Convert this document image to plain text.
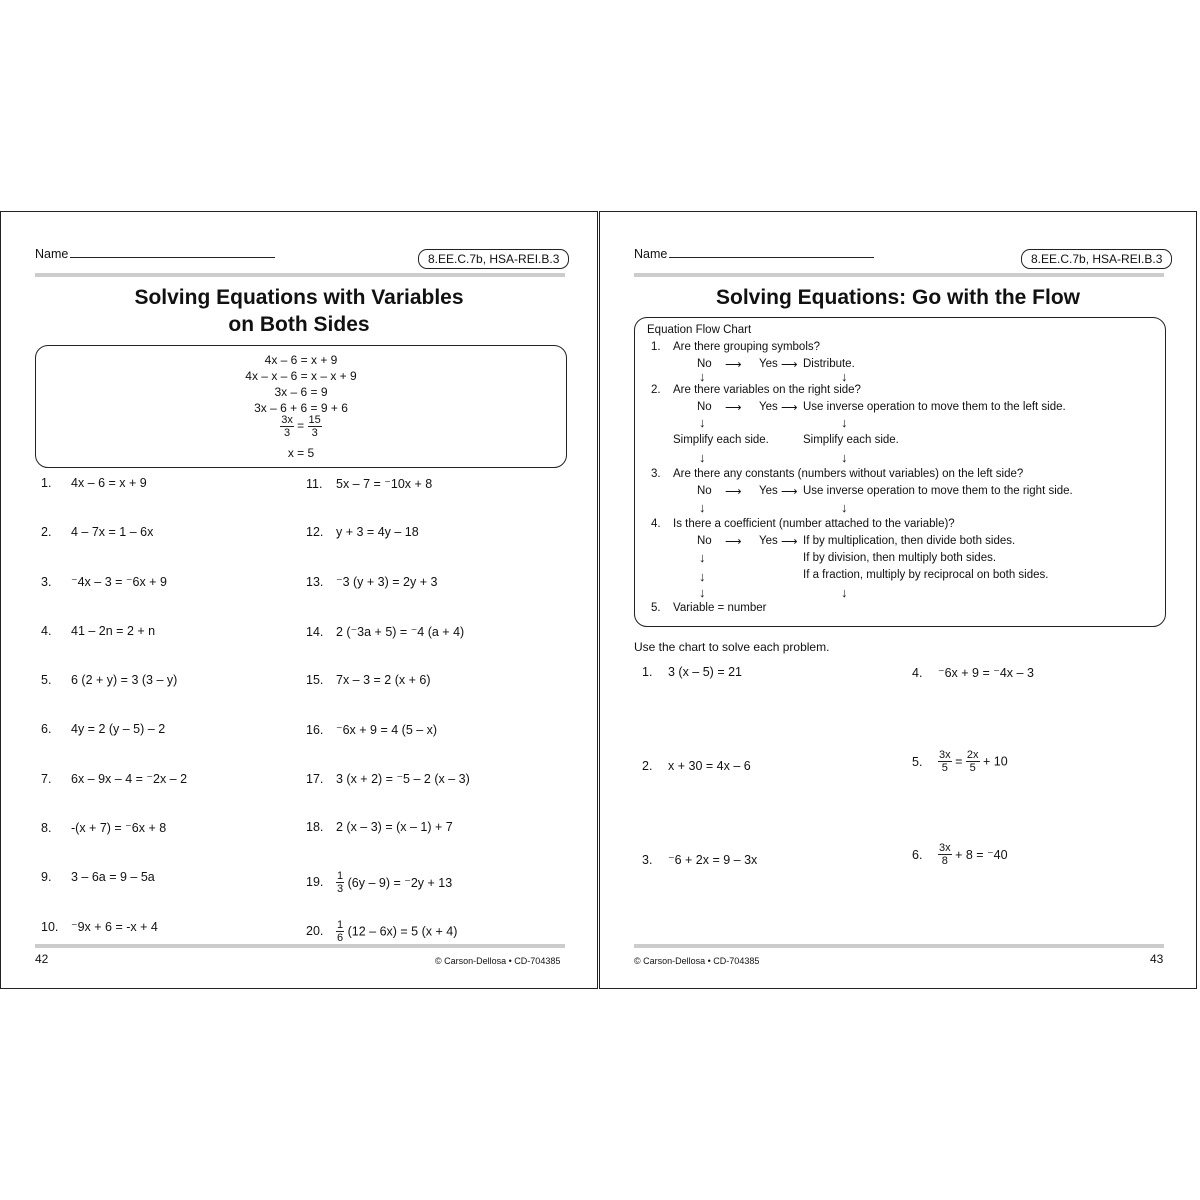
Name	8.EE.C.7b, HSA-REI.B.3
Solving Equations with Variables
on Both Sides
4x – 6 = x + 9
4x – x – 6 = x – x + 9
3x – 6 = 9
3x – 6 + 6 = 9 + 6
$\frac{3x}{3} = \frac{15}{3}$
x = 5
1. 4x – 6 = x + 9
2. 4 – 7x = 1 – 6x
3. ⁻4x – 3 = ⁻6x + 9
4. 41 – 2n = 2 + n
5. 6 (2 + y) = 3 (3 – y)
6. 4y = 2 (y – 5) – 2
7. 6x – 9x – 4 = ⁻2x – 2
8. -(x + 7) = ⁻6x + 8
9. 3 – 6a = 9 – 5a
10. ⁻9x + 6 = -x + 4
11. 5x – 7 = ⁻10x + 8
12. y + 3 = 4y – 18
13. ⁻3 (y + 3) = 2y + 3
14. 2 (⁻3a + 5) = ⁻4 (a + 4)
15. 7x – 3 = 2 (x + 6)
16. ⁻6x + 9 = 4 (5 – x)
17. 3 (x + 2) = ⁻5 – 2 (x – 3)
18. 2 (x – 3) = (x – 1) + 7
19. $\frac{1}{3} (6y - 9) = ^-2y + 13$
20. $\frac{1}{6} (12 - 6x) = 5$ (x + 4)
42	© Carson-Dellosa • CD-704385
Name	8.EE.C.7b, HSA-REI.B.3
Solving Equations: Go with the Flow
Equation Flow Chart
1. Are there grouping symbols?
No ⟶ Yes ⟶ Distribute.
↓	↓
2. Are there variables on the right side?
No ⟶ Yes ⟶ Use inverse operation to move them to the left side.
↓	↓
Simplify each side.	Simplify each side.
↓	↓
3. Are there any constants (numbers without variables) on the left side?
No ⟶ Yes ⟶ Use inverse operation to move them to the right side.
↓	↓
4. Is there a coefficient (number attached to the variable)?
No ⟶ Yes ⟶ If by multiplication, then divide both sides.
If by division, then multiply both sides.
If a fraction, multiply by reciprocal on both sides.
↓
↓
↓	↓
5. Variable = number
Use the chart to solve each problem.
1. 3 (x – 5) = 21
2. x + 30 = 4x – 6
3. ⁻6 + 2x = 9 – 3x
4. ⁻6x + 9 = ⁻4x – 3
5. $\frac{3x}{5} = \frac{2x}{5} + 10$
6. $\frac{3x}{8} + 8 = ^-40$
© Carson-Dellosa • CD-704385	43
